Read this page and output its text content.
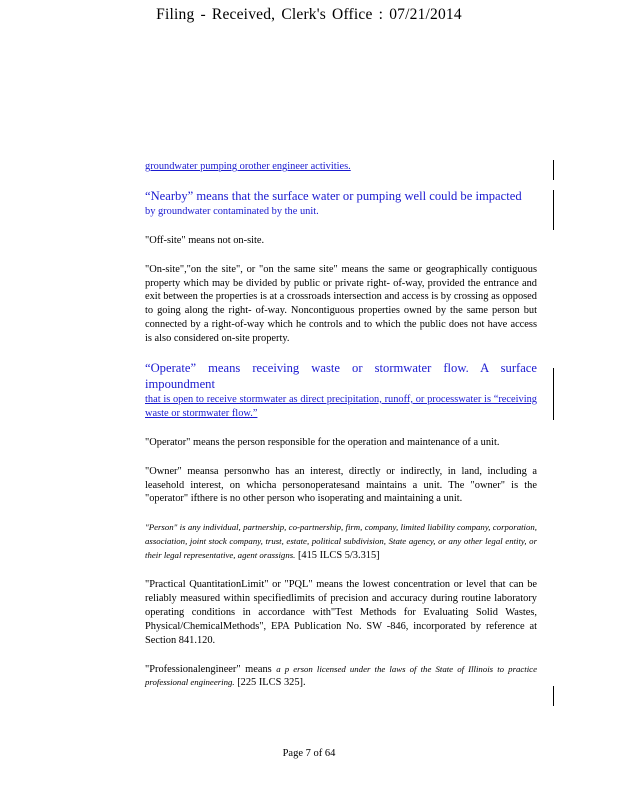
Filing - Received, Clerk's Office : 07/21/2014

groundwater pumping orother engineer activities.

“Nearby” means that the surface water or pumping well could be impacted
by groundwater contaminated by the unit.

"Off-site" means not on-site.

"On-site","on the site", or "on the same site" means the same or geographically contiguous property which may be divided by public or private right- of-way, provided the entrance and exit between the properties is at a crossroads intersection and access is by crossing as opposed to going along the right- of-way. Noncontiguous properties owned by the same person but connected by a right-of-way which he controls and to which the public does not have access is also considered on-site property.

“Operate” means receiving waste or stormwater flow. A surface impoundment
that is open to receive stormwater as direct precipitation, runoff, or processwater is “receiving waste or stormwater flow.”

"Operator" means the person responsible for the operation and maintenance of a unit.

"Owner" meansa personwho has an interest, directly or indirectly, in land, including a leasehold interest, on whicha personoperatesand maintains a unit. The "owner" is the "operator" ifthere is no other person who isoperating and maintaining a unit.

"Person" is any individual, partnership, co-partnership, firm, company, limited liability company, corporation, association, joint stock company, trust, estate, political subdivision, State agency, or any other legal entity, or their legal representative, agent orassigns. [415 ILCS 5/3.315]

"Practical QuantitationLimit" or "PQL" means the lowest concentration or level that can be reliably measured within specifiedlimits of precision and accuracy during routine laboratory operating conditions in accordance with"Test Methods for Evaluating Solid Wastes, Physical/ChemicalMethods", EPA Publication No. SW -846, incorporated by reference at Section 841.120.

"Professionalengineer" means a p erson licensed under the laws of the State of Illinois to practice professional engineering. [225 ILCS 325].

Page 7 of 64
